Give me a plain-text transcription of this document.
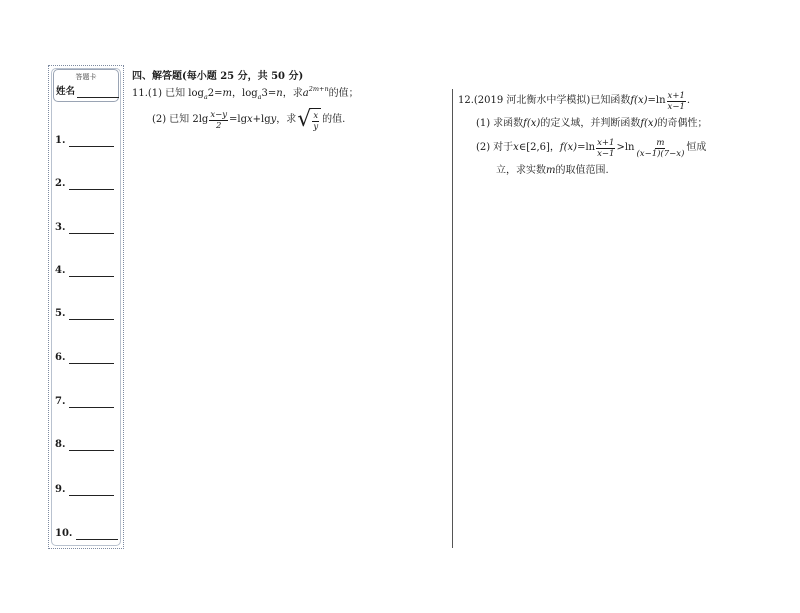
答题卡
姓名
1.
2.
3.
4.
5.
6.
7.
8.
9.
10.
四、解答题 (每小题 25 分，共 50 分)
11. (1) 已知 log a 2= m ，log a 3= n ，求 a 2m+n 的值；
(2) 已知 $2\lg \frac{x-y}{2} =\lg$ x +lg y ，求 √ $\frac{x}{y}$ 的值.
12. (2019 河北衡水中学模拟) 已知函数 $f(x) =\ln \frac{x+1}{x-1}$ .
(1) 求函数 f(x) 的定义域，并判断函数 f(x) 的奇偶性；
(2) 对于 x ∈[2,6]， $f(x) =\ln \frac{x+1}{x-1} >\ln \frac{m}{(x-1)(7-x)}$ 恒成
立，求实数 m 的取值范围.
